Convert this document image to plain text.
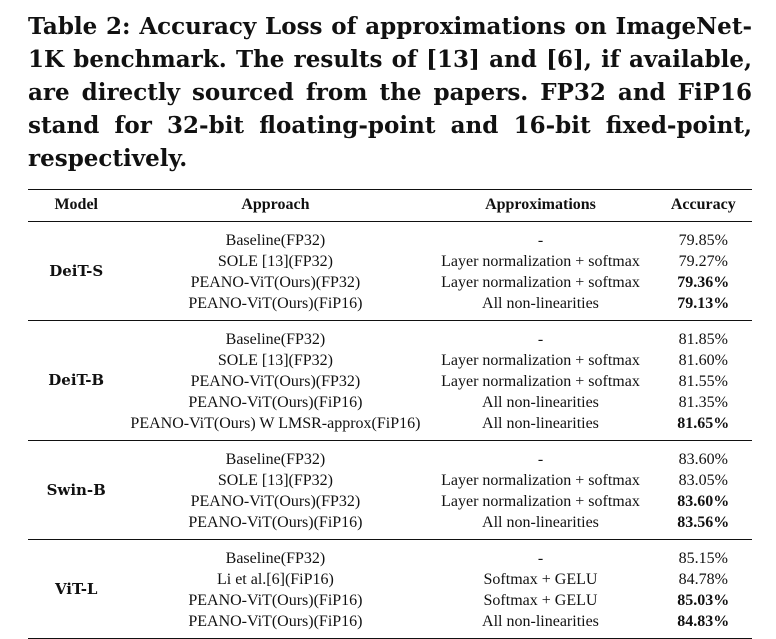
Table 2: Accuracy Loss of approximations on ImageNet-1K benchmark. The results of [13] and [6], if available, are directly sourced from the papers. FP32 and FiP16 stand for 32-bit floating-point and 16-bit fixed-point, respectively.

Model	Approach	Approximations	Accuracy
DeiT-S	Baseline(FP32)	-	79.85%
	SOLE [13](FP32)	Layer normalization + softmax	79.27%
	PEANO-ViT(Ours)(FP32)	Layer normalization + softmax	79.36%
	PEANO-ViT(Ours)(FiP16)	All non-linearities	79.13%
DeiT-B	Baseline(FP32)	-	81.85%
	SOLE [13](FP32)	Layer normalization + softmax	81.60%
	PEANO-ViT(Ours)(FP32)	Layer normalization + softmax	81.55%
	PEANO-ViT(Ours)(FiP16)	All non-linearities	81.35%
	PEANO-ViT(Ours) W LMSR-approx(FiP16)	All non-linearities	81.65%
Swin-B	Baseline(FP32)	-	83.60%
	SOLE [13](FP32)	Layer normalization + softmax	83.05%
	PEANO-ViT(Ours)(FP32)	Layer normalization + softmax	83.60%
	PEANO-ViT(Ours)(FiP16)	All non-linearities	83.56%
ViT-L	Baseline(FP32)	-	85.15%
	Li et al.[6](FiP16)	Softmax + GELU	84.78%
	PEANO-ViT(Ours)(FiP16)	Softmax + GELU	85.03%
	PEANO-ViT(Ours)(FiP16)	All non-linearities	84.83%
